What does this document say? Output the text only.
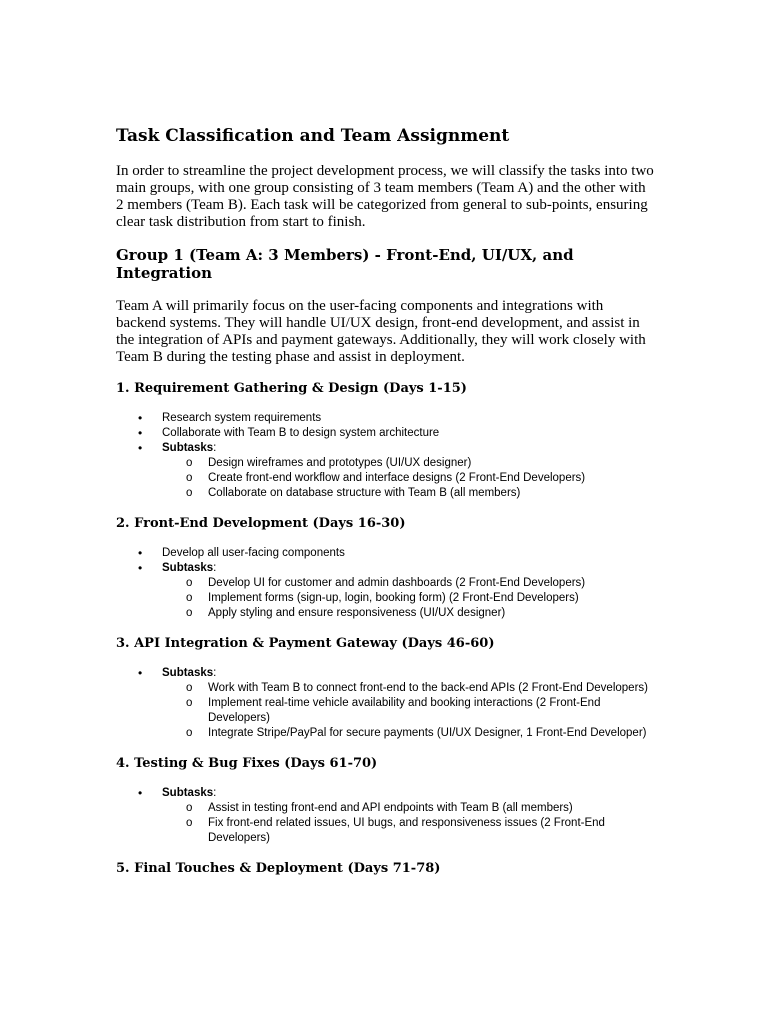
Task Classification and Team Assignment

In order to streamline the project development process, we will classify the tasks into two main groups, with one group consisting of 3 team members (Team A) and the other with 2 members (Team B). Each task will be categorized from general to sub-points, ensuring clear task distribution from start to finish.

Group 1 (Team A: 3 Members) - Front-End, UI/UX, and Integration

Team A will primarily focus on the user-facing components and integrations with backend systems. They will handle UI/UX design, front-end development, and assist in the integration of APIs and payment gateways. Additionally, they will work closely with Team B during the testing phase and assist in deployment.

1. Requirement Gathering & Design (Days 1-15)
• Research system requirements
• Collaborate with Team B to design system architecture
• Subtasks:
o Design wireframes and prototypes (UI/UX designer)
o Create front-end workflow and interface designs (2 Front-End Developers)
o Collaborate on database structure with Team B (all members)
2. Front-End Development (Days 16-30)
• Develop all user-facing components
• Subtasks:
o Develop UI for customer and admin dashboards (2 Front-End Developers)
o Implement forms (sign-up, login, booking form) (2 Front-End Developers)
o Apply styling and ensure responsiveness (UI/UX designer)
3. API Integration & Payment Gateway (Days 46-60)
• Subtasks:
o Work with Team B to connect front-end to the back-end APIs (2 Front-End Developers)
o Implement real-time vehicle availability and booking interactions (2 Front-End Developers)
o Integrate Stripe/PayPal for secure payments (UI/UX Designer, 1 Front-End Developer)
4. Testing & Bug Fixes (Days 61-70)
• Subtasks:
o Assist in testing front-end and API endpoints with Team B (all members)
o Fix front-end related issues, UI bugs, and responsiveness issues (2 Front-End Developers)
5. Final Touches & Deployment (Days 71-78)
